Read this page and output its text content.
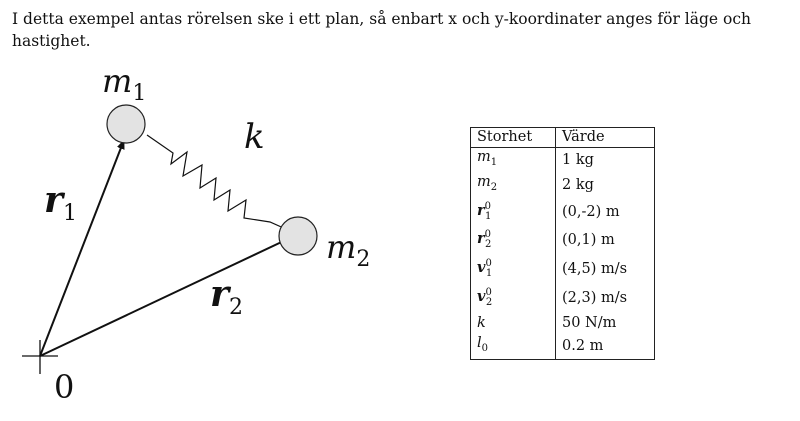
I detta exempel antas rörelsen ske i ett plan, så enbart x och y-koordinater anges för läge och hastighet.

$m_1$
k
$m_2$
$r_1$
$r_2$
0
Storhet	Värde
$m_1$	1 kg
$m_2$	2 kg
$r^0_1$	(0,-2) m
$r^0_2$	(0,1) m
$v^0_1$	(4,5) m/s
$v^0_2$	(2,3) m/s
k	50 N/m
$l_0$	0.2 m
